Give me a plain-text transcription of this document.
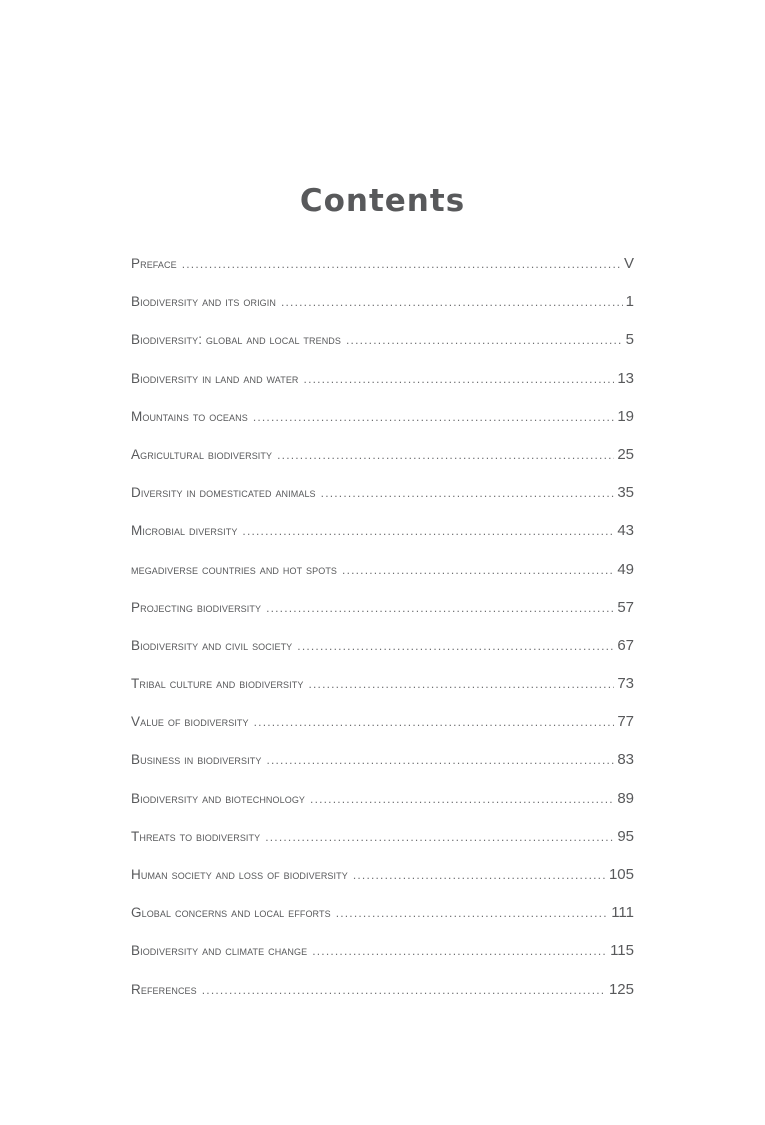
Contents
Preface .....	V
Biodiversity and its origin .....	1
Biodiversity: global and local trends .....	5
Biodiversity in land and water .....	13
Mountains to oceans .....	19
Agricultural biodiversity .....	25
Diversity in domesticated animals .....	35
Microbial diversity .....	43
megadiverse countries and hot spots .....	49
Projecting biodiversity .....	57
Biodiversity and civil society .....	67
Tribal culture and biodiversity .....	73
Value of biodiversity .....	77
Business in biodiversity .....	83
Biodiversity and biotechnology .....	89
Threats to biodiversity .....	95
Human society and loss of biodiversity .....	105
Global concerns and local efforts .....	111
Biodiversity and climate change .....	115
References .....	125
